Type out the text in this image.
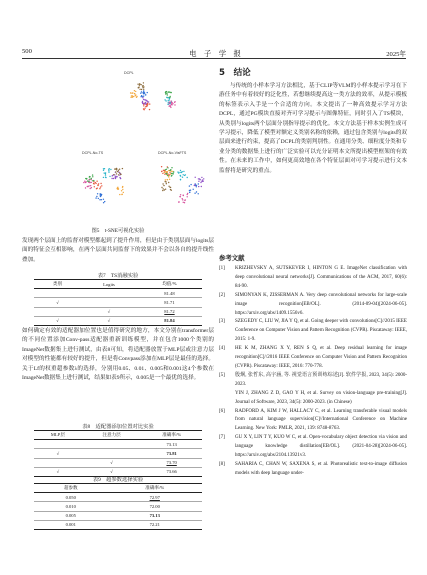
500	电　子　学　报	2025年
DCPL
DCPL-No-TS	DCPL-No-VisFTS
图5　t-SNE可视化实验
发现两个层面上的监督对模型都起到了提升作用，但是由于类别层面与logits层面的特征会互相影响，在两个层面共同监督下的效果并不会以各自的提升线性叠加。
表7　TS消融实验
类别	Logits	均值/%
		81.48
√		81.71
	√	81.72
√	√	81.84
如何确定有效的适配器加位置也是值得研究的地方，本文分别在transformer层的不同位置添加Conv-pass适配器重新训练模型，并在包含1000个类别的ImageNet数据集上进行测试，由表8可知，将适配器放置于MLP层或注意力层对模型的性能都有较好的提升，但是将Convpass添加在MLP层是最佳的选择。关于Lf的权重超参数λ的选择，分别用0.05、0.01、0.005和0.001这4个参数在ImageNet数据集上进行测试，结果如表9所示，0.005是一个最优的选择。
表8　适配器添加位置对比实验
MLP层	注意力层	准确率/%
		73.13
√		73.81
	√	73.70
√	√	73.66
表9　超参数选择实验
超参数	准确率/%
0.050	72.97
0.010	72.00
0.005	73.13
0.001	72.21
5　结论
与传统的小样本学习方法相比，基于CLIP等VLM的小样本提示学习在下游任务中有着较好的泛化性，若想继续提高这一类方法的效率，从提示模板的标签表示入手是一个合适的方向。本文提出了一种高效提示学习方法DCPL，通过PG模块直接对齐可学习提示与图像特征，同时引入了TS模块，从类别与logits两个层面分别指导提示的优化。本文方法基于样本实例生成可学习提示，降低了模型对额定义类别名称的依赖，通过包含类别与logits的双层面来进行约束，提高了DCPL的类别判别性。在通用分类、细粒度分类和专业分类的数据集上进行的广泛实验可以充分证明本文所提出模型框架的有效性。在未来的工作中，如何更高效地在各个特征层面对可学习提示进行文本监督将是研究的重点。
参考文献
[1]	KRIZHEVSKY A, SUTSKEVER I, HINTON G E. ImageNet classification with deep convolutional neural networks[J]. Communications of the ACM, 2017, 60(6): 84-90.
[2]	SIMONYAN K, ZISSERMAN A. Very deep convolutional networks for large-scale image recognition[EB/OL]. (2014-09-04)[2024-06-05]. https://arxiv.org/abs/1409.1556v6.
[3]	SZEGEDY C, LIU W, JIA Y Q, et al. Going deeper with convolutions[C]//2015 IEEE Conference on Computer Vision and Pattern Recognition (CVPR). Piscataway: IEEE, 2015: 1-9.
[4]	HE K M, ZHANG X Y, REN S Q, et al. Deep residual learning for image recognition[C]//2016 IEEE Conference on Computer Vision and Pattern Recognition (CVPR). Piscataway: IEEE, 2016: 770-778.
[5]	殷炯, 张哲东, 高宇涵, 等. 视觉语言预训练综述[J]. 软件学报, 2023, 34(5): 2000-2023.
YIN J, ZHANG Z D, GAO Y H, et al. Survey on vision-language pre-training[J]. Journal of Software, 2023, 34(5): 2000-2023. (in Chinese)
[6]	RADFORD A, KIM J W, HALLACY C, et al. Learning transferable visual models from natural language supervision[C]//International Conference on Machine Learning. New York: PMLR, 2021, 139: 8748-8763.
[7]	GU X Y, LIN T Y, KUO W C, et al. Open-vocabulary object detection via vision and language knowledge distillation[EB/OL]. (2021-04-28)[2024-06-05]. https://arxiv.org/abs/2104.13921v3.
[8]	SAHARIA C, CHAN W, SAXENA S, et al. Photorealistic text-to-image diffusion models with deep language under-
